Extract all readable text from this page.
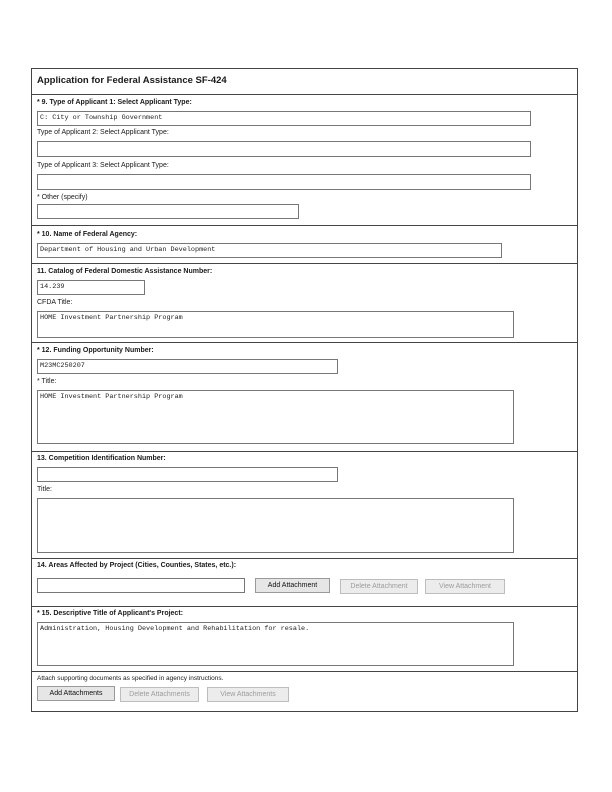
Application for Federal Assistance SF-424
* 9. Type of Applicant 1: Select Applicant Type:
C: City or Township Government
Type of Applicant 2: Select Applicant Type:
Type of Applicant 3: Select Applicant Type:
* Other (specify)
* 10. Name of Federal Agency:
Department of Housing and Urban Development
11. Catalog of Federal Domestic Assistance Number:
14.239
CFDA Title:
HOME Investment Partnership Program
* 12. Funding Opportunity Number:
M23MC250207
* Title:
HOME Investment Partnership Program
13. Competition Identification Number:
Title:
14. Areas Affected by Project (Cities, Counties, States, etc.):
Add Attachment	Delete Attachment	View Attachment
* 15. Descriptive Title of Applicant's Project:
Administration, Housing Development and Rehabilitation for resale.
Attach supporting documents as specified in agency instructions.
Add Attachments	Delete Attachments	View Attachments
